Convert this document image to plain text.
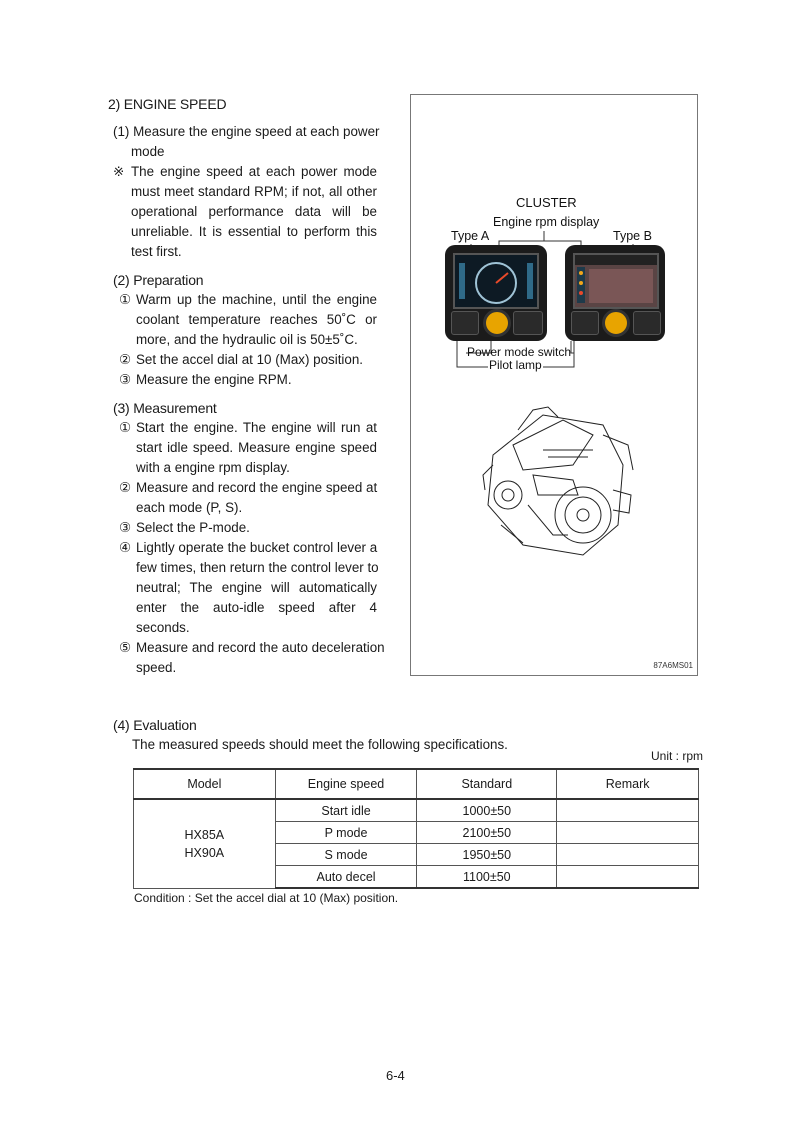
2) ENGINE SPEED
(1) Measure the engine speed at each power
mode
※ The engine speed at each power mode
must meet standard RPM; if not, all other
operational performance data will be
unreliable. It is essential to perform this
test first.
(2) Preparation
① Warm up the machine, until the engine
coolant temperature reaches 50˚C or
more, and the hydraulic oil is 50±5˚C.
② Set the accel dial at 10 (Max) position.
③ Measure the engine RPM.
(3) Measurement
① Start the engine. The engine will run at
start idle speed. Measure engine speed
with a engine rpm display.
② Measure and record the engine speed at
each mode (P, S).
③ Select the P-mode.
④ Lightly operate the bucket control lever a
few times, then return the control lever to
neutral; The engine will automatically
enter the auto-idle speed after 4
seconds.
⑤ Measure and record the auto deceleration
speed.
CLUSTER
Engine rpm display
Type A	Type B
Power mode switch
Pilot lamp
87A6MS01
(4) Evaluation
The measured speeds should meet the following specifications.
Unit : rpm
Model	Engine speed	Standard	Remark

HX85A
HX90A	Start idle	1000±50	
	P mode	2100±50	
	S mode	1950±50	
	Auto decel	1100±50	
Condition : Set the accel dial at 10 (Max) position.
6-4
